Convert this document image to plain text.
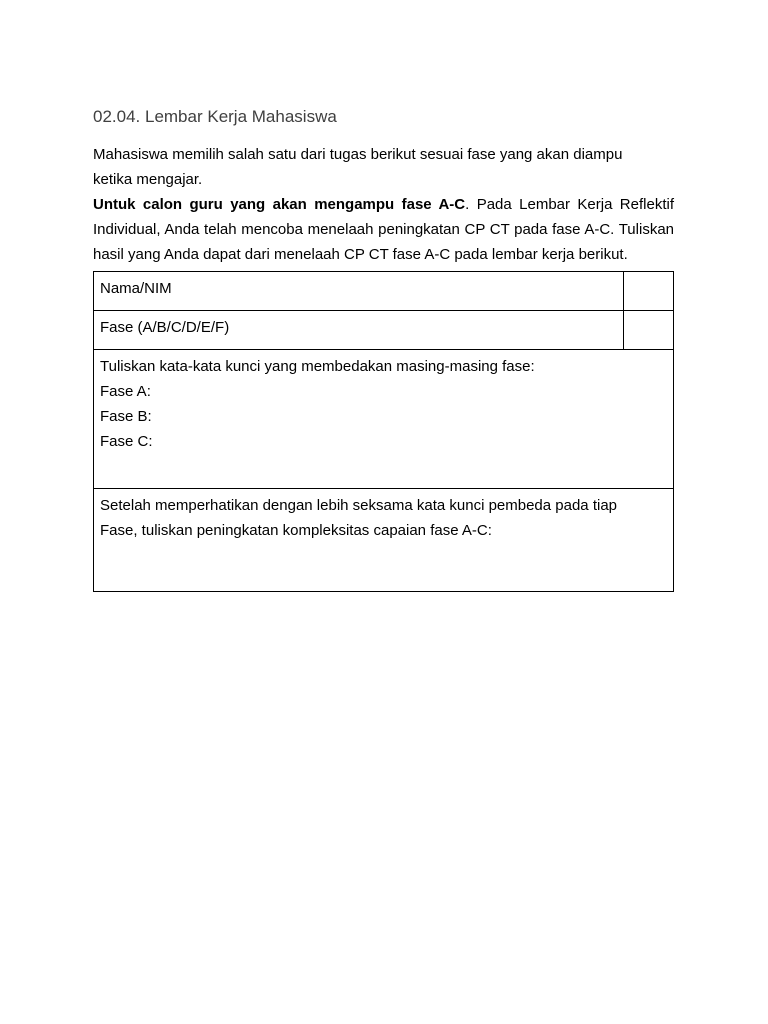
02.04. Lembar Kerja Mahasiswa

Mahasiswa memilih salah satu dari tugas berikut sesuai fase yang akan diampu
ketika mengajar.

Untuk calon guru yang akan mengampu fase A-C. Pada Lembar Kerja Reflektif Individual, Anda telah mencoba menelaah peningkatan CP CT pada fase A-C. Tuliskan hasil yang Anda dapat dari menelaah CP CT fase A-C pada lembar kerja berikut.

Nama/NIM	
Fase (A/B/C/D/E/F)	

Tuliskan kata-kata kunci yang membedakan masing-masing fase:
Fase A:
Fase B:
Fase C:	

Setelah memperhatikan dengan lebih seksama kata kunci pembeda pada tiap
Fase, tuliskan peningkatan kompleksitas capaian fase A-C:	
